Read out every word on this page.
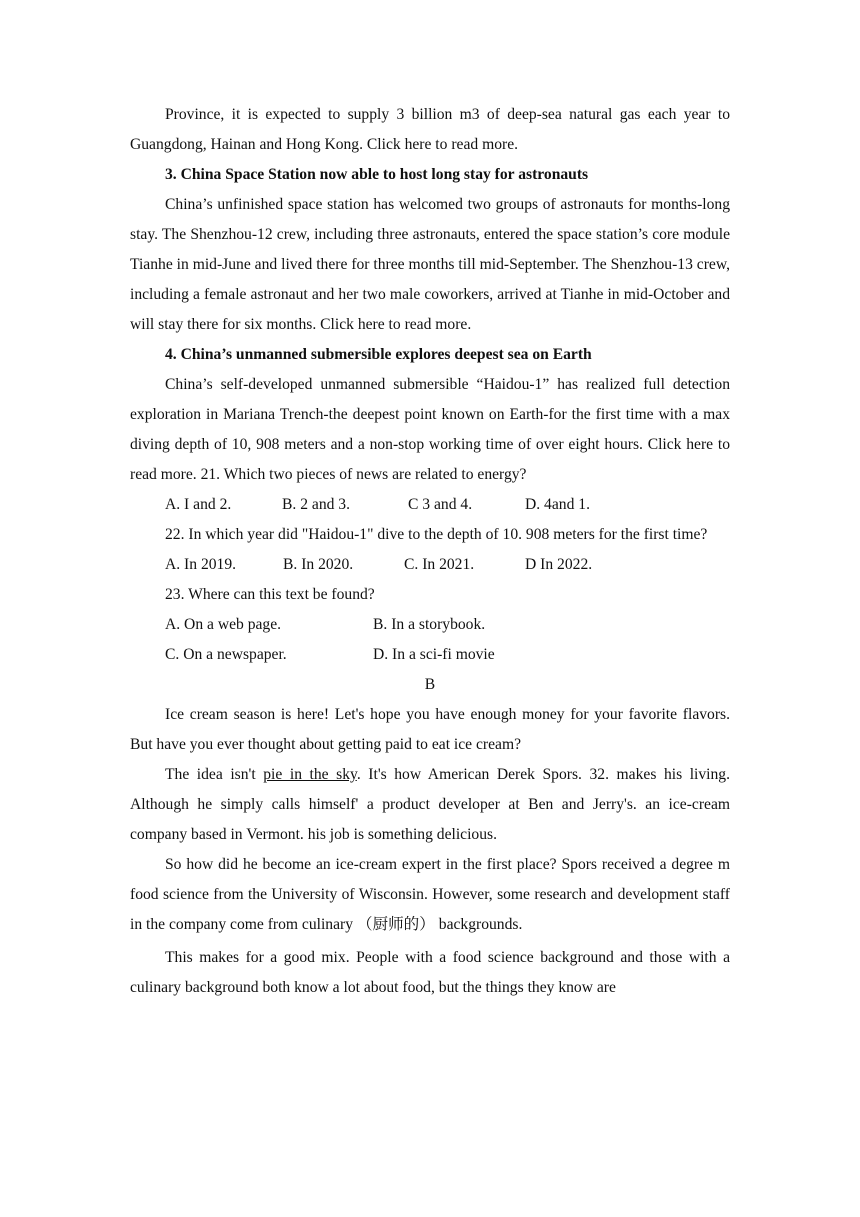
Province, it is expected to supply 3 billion m3 of deep-sea natural gas each year to Guangdong, Hainan and Hong Kong. Click here to read more.

3. China Space Station now able to host long stay for astronauts

China’s unfinished space station has welcomed two groups of astronauts for months-long stay. The Shenzhou-12 crew, including three astronauts, entered the space station’s core module Tianhe in mid-June and lived there for three months till mid-September. The Shenzhou-13 crew, including a female astronaut and her two male coworkers, arrived at Tianhe in mid-October and will stay there for six months. Click here to read more.

4. China’s unmanned submersible explores deepest sea on Earth

China’s self-developed unmanned submersible “Haidou-1” has realized full detection exploration in Mariana Trench-the deepest point known on Earth-for the first time with a max diving depth of 10, 908 meters and a non-stop working time of over eight hours. Click here to read more. 21. Which two pieces of news are related to energy?

A. I and 2.	B. 2 and 3.	C 3 and 4.	D. 4and 1.

22. In which year did "Haidou-1" dive to the depth of 10. 908 meters for the first time?

A. In 2019.	B. In 2020.	C. In 2021.	D In 2022.

23. Where can this text be found?

A. On a web page.	B. In a storybook.

C. On a newspaper.	D. In a sci-fi movie

B

Ice cream season is here! Let's hope you have enough money for your favorite flavors. But have you ever thought about getting paid to eat ice cream?

The idea isn't pie in the sky. It's how American Derek Spors. 32. makes his living. Although he simply calls himself' a product developer at Ben and Jerry's. an ice-cream company based in Vermont. his job is something delicious.

So how did he become an ice-cream expert in the first place? Spors received a degree m food science from the University of Wisconsin. However, some research and development staff in the company come from culinary （厨师的） backgrounds.

This makes for a good mix. People with a food science background and those with a culinary background both know a lot about food, but the things they know are
